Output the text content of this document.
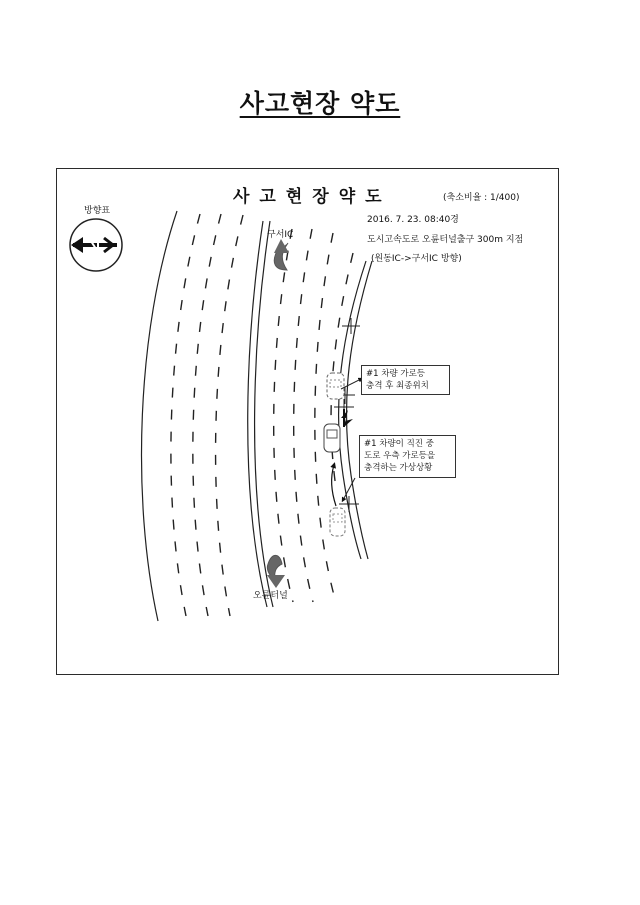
사고현장 약도
사고현장약도	(축소비율 : 1/400)
방향표
2016. 7. 23. 08:40경
도시고속도로 오륜터널출구 300m 지점
(원동IC->구서IC 방향)
구서IC
오륜터널
#1 차량 가로등
충격 후 최종위치
#1 차량이 직진 중
도로 우측 가로등을
충격하는 가상상황
